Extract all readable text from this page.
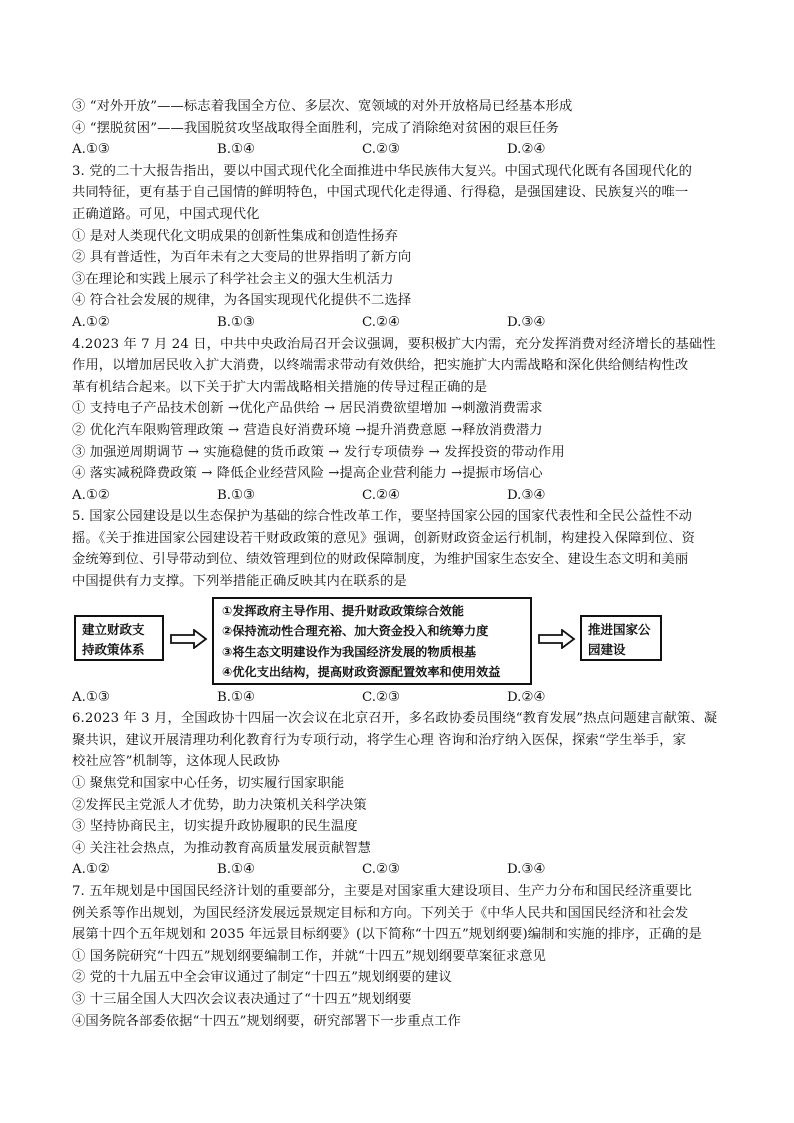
③ “对外开放”——标志着我国全方位、多层次、宽领域的对外开放格局已经基本形成
④ “摆脱贫困”——我国脱贫攻坚战取得全面胜利，完成了消除绝对贫困的艰巨任务
A.①③	B.①④	C.②③	D.②④
3. 党的二十大报告指出，要以中国式现代化全面推进中华民族伟大复兴。中国式现代化既有各国现代化的
共同特征，更有基于自己国情的鲜明特色，中国式现代化走得通、行得稳，是强国建设、民族复兴的唯一
正确道路。可见，中国式现代化
① 是对人类现代化文明成果的创新性集成和创造性扬弃
② 具有普适性，为百年未有之大变局的世界指明了新方向
③在理论和实践上展示了科学社会主义的强大生机活力
④ 符合社会发展的规律，为各国实现现代化提供不二选择
A.①②	B.①③	C.②④	D.③④
4.2023 年 7 月 24 日，中共中央政治局召开会议强调，要积极扩大内需，充分发挥消费对经济增长的基础性
作用，以增加居民收入扩大消费，以终端需求带动有效供给，把实施扩大内需战略和深化供给侧结构性改
革有机结合起来。以下关于扩大内需战略相关措施的传导过程正确的是
① 支持电子产品技术创新 →优化产品供给 → 居民消费欲望增加 →刺激消费需求
② 优化汽车限购管理政策 → 营造良好消费环境 →提升消费意愿 →释放消费潜力
③ 加强逆周期调节 → 实施稳健的货币政策 → 发行专项债券 → 发挥投资的带动作用
④ 落实减税降费政策 → 降低企业经营风险 →提高企业营利能力 →提振市场信心
A.①②	B.①③	C.②④	D.③④
5. 国家公园建设是以生态保护为基础的综合性改革工作，要坚持国家公园的国家代表性和全民公益性不动
摇。《关于推进国家公园建设若干财政政策的意见》强调，创新财政资金运行机制，构建投入保障到位、资
金统筹到位、引导带动到位、绩效管理到位的财政保障制度，为维护国家生态安全、建设生态文明和美丽
中国提供有力支撑。下列举措能正确反映其内在联系的是
建立财政支持政策体系
①发挥政府主导作用、提升财政政策综合效能
②保持流动性合理充裕、加大资金投入和统筹力度
③将生态文明建设作为我国经济发展的物质根基
④优化支出结构，提高财政资源配置效率和使用效益
推进国家公园建设
A.①③	B.①④	C.②③	D.②④
6.2023 年 3 月，全国政协十四届一次会议在北京召开，多名政协委员围绕“教育发展”热点问题建言献策、凝
聚共识，建议开展清理功利化教育行为专项行动，将学生心理 咨询和治疗纳入医保，探索“学生举手，家
校社应答”机制等，这体现人民政协
① 聚焦党和国家中心任务，切实履行国家职能
②发挥民主党派人才优势，助力决策机关科学决策
③ 坚持协商民主，切实提升政协履职的民生温度
④ 关注社会热点，为推动教育高质量发展贡献智慧
A.①②	B.①④	C.②③	D.③④
7. 五年规划是中国国民经济计划的重要部分，主要是对国家重大建设项目、生产力分布和国民经济重要比
例关系等作出规划，为国民经济发展远景规定目标和方向。下列关于《中华人民共和国国民经济和社会发
展第十四个五年规划和 2035 年远景目标纲要》(以下简称“十四五”规划纲要)编制和实施的排序，正确的是
① 国务院研究“十四五”规划纲要编制工作，并就“十四五”规划纲要草案征求意见
② 党的十九届五中全会审议通过了制定“十四五”规划纲要的建议
③ 十三届全国人大四次会议表决通过了“十四五”规划纲要
④国务院各部委依据“十四五”规划纲要，研究部署下一步重点工作
